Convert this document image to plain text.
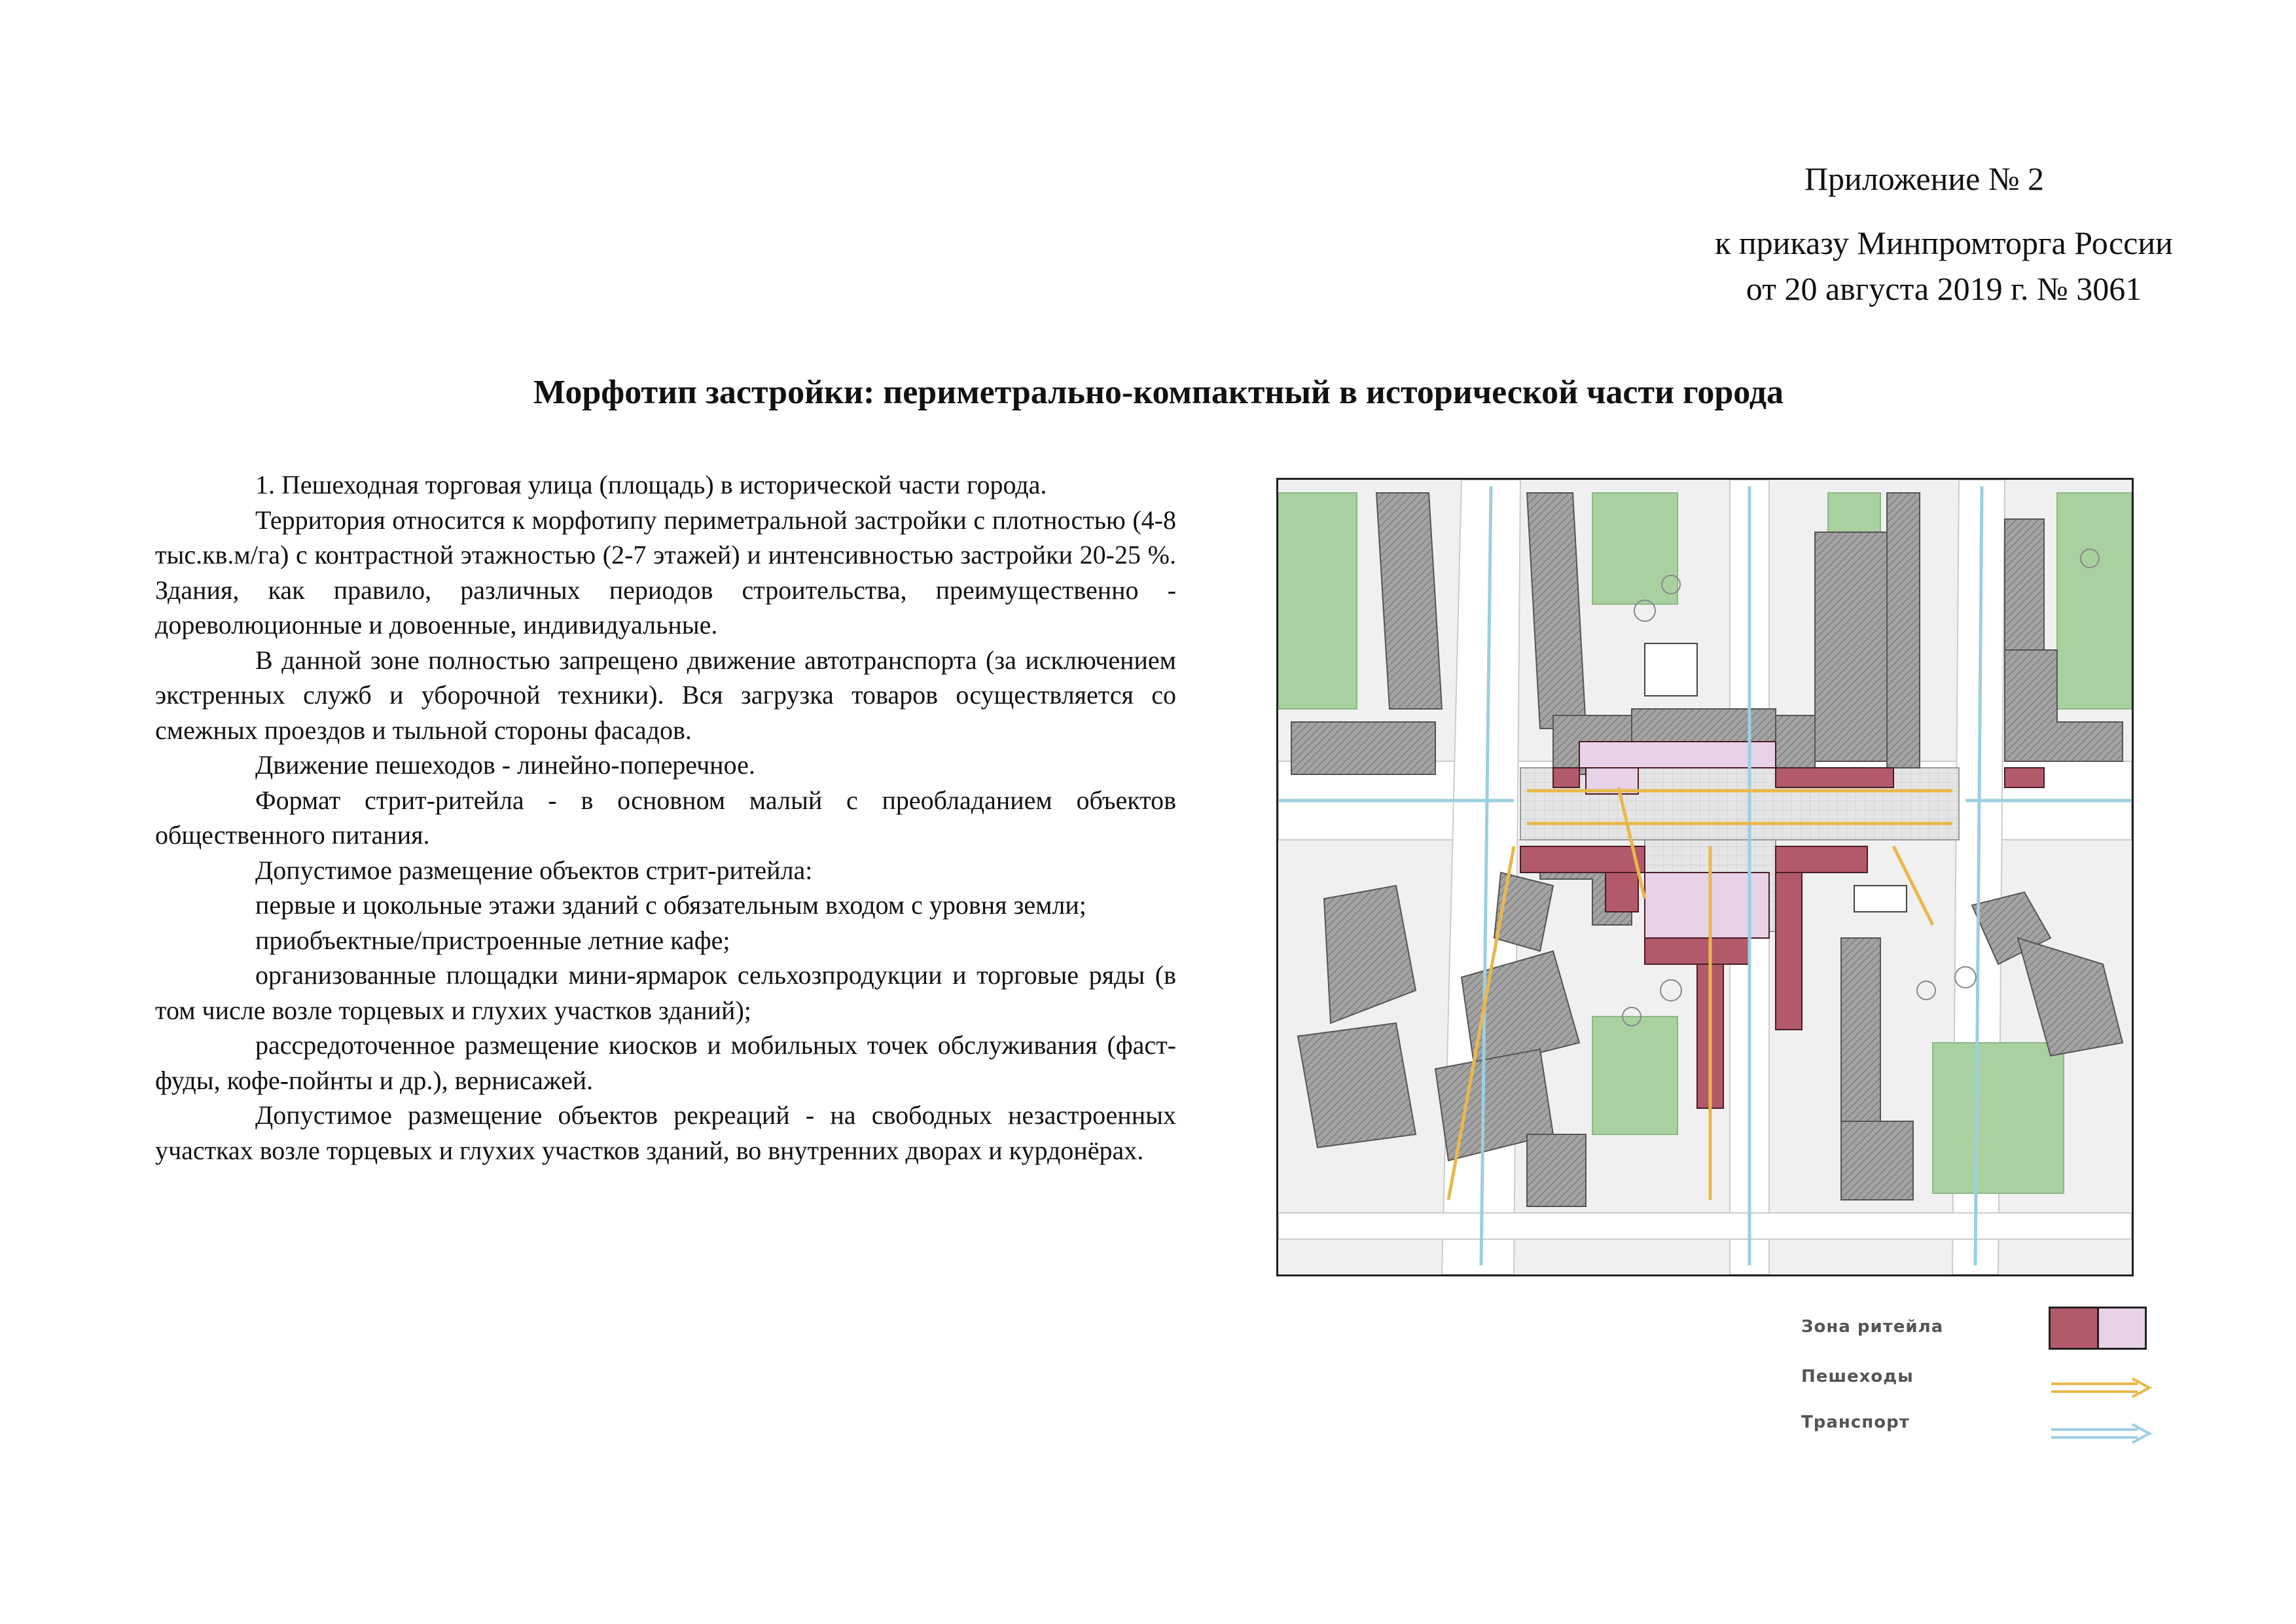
Приложение № 2
к приказу Минпромторга России
от 20 августа 2019 г. № 3061
Морфотип застройки: периметрально-компактный в исторической части города

1. Пешеходная торговая улица (площадь) в исторической части города.

Территория относится к морфотипу периметральной застройки с плотностью (4-8 тыс.кв.м/га) с контрастной этажностью (2-7 этажей) и интенсивностью застройки 20-25 %. Здания, как правило, различных периодов строительства, преимущественно - дореволюционные и довоенные, индивидуальные.

В данной зоне полностью запрещено движение автотранспорта (за исключением экстренных служб и уборочной техники). Вся загрузка товаров осуществляется со смежных проездов и тыльной стороны фасадов.

Движение пешеходов - линейно-поперечное.

Формат стрит-ритейла - в основном малый с преобладанием объектов общественного питания.

Допустимое размещение объектов стрит-ритейла:

первые и цокольные этажи зданий с обязательным входом с уровня земли;

приобъектные/пристроенные летние кафе;

организованные площадки мини-ярмарок сельхозпродукции и торговые ряды (в том числе возле торцевых и глухих участков зданий);

рассредоточенное размещение киосков и мобильных точек обслуживания (фаст-фуды, кофе-пойнты и др.), вернисажей.

Допустимое размещение объектов рекреаций - на свободных незастроенных участках возле торцевых и глухих участков зданий, во внутренних дворах и курдонёрах.

Зона ритейла
Пешеходы
Транспорт
